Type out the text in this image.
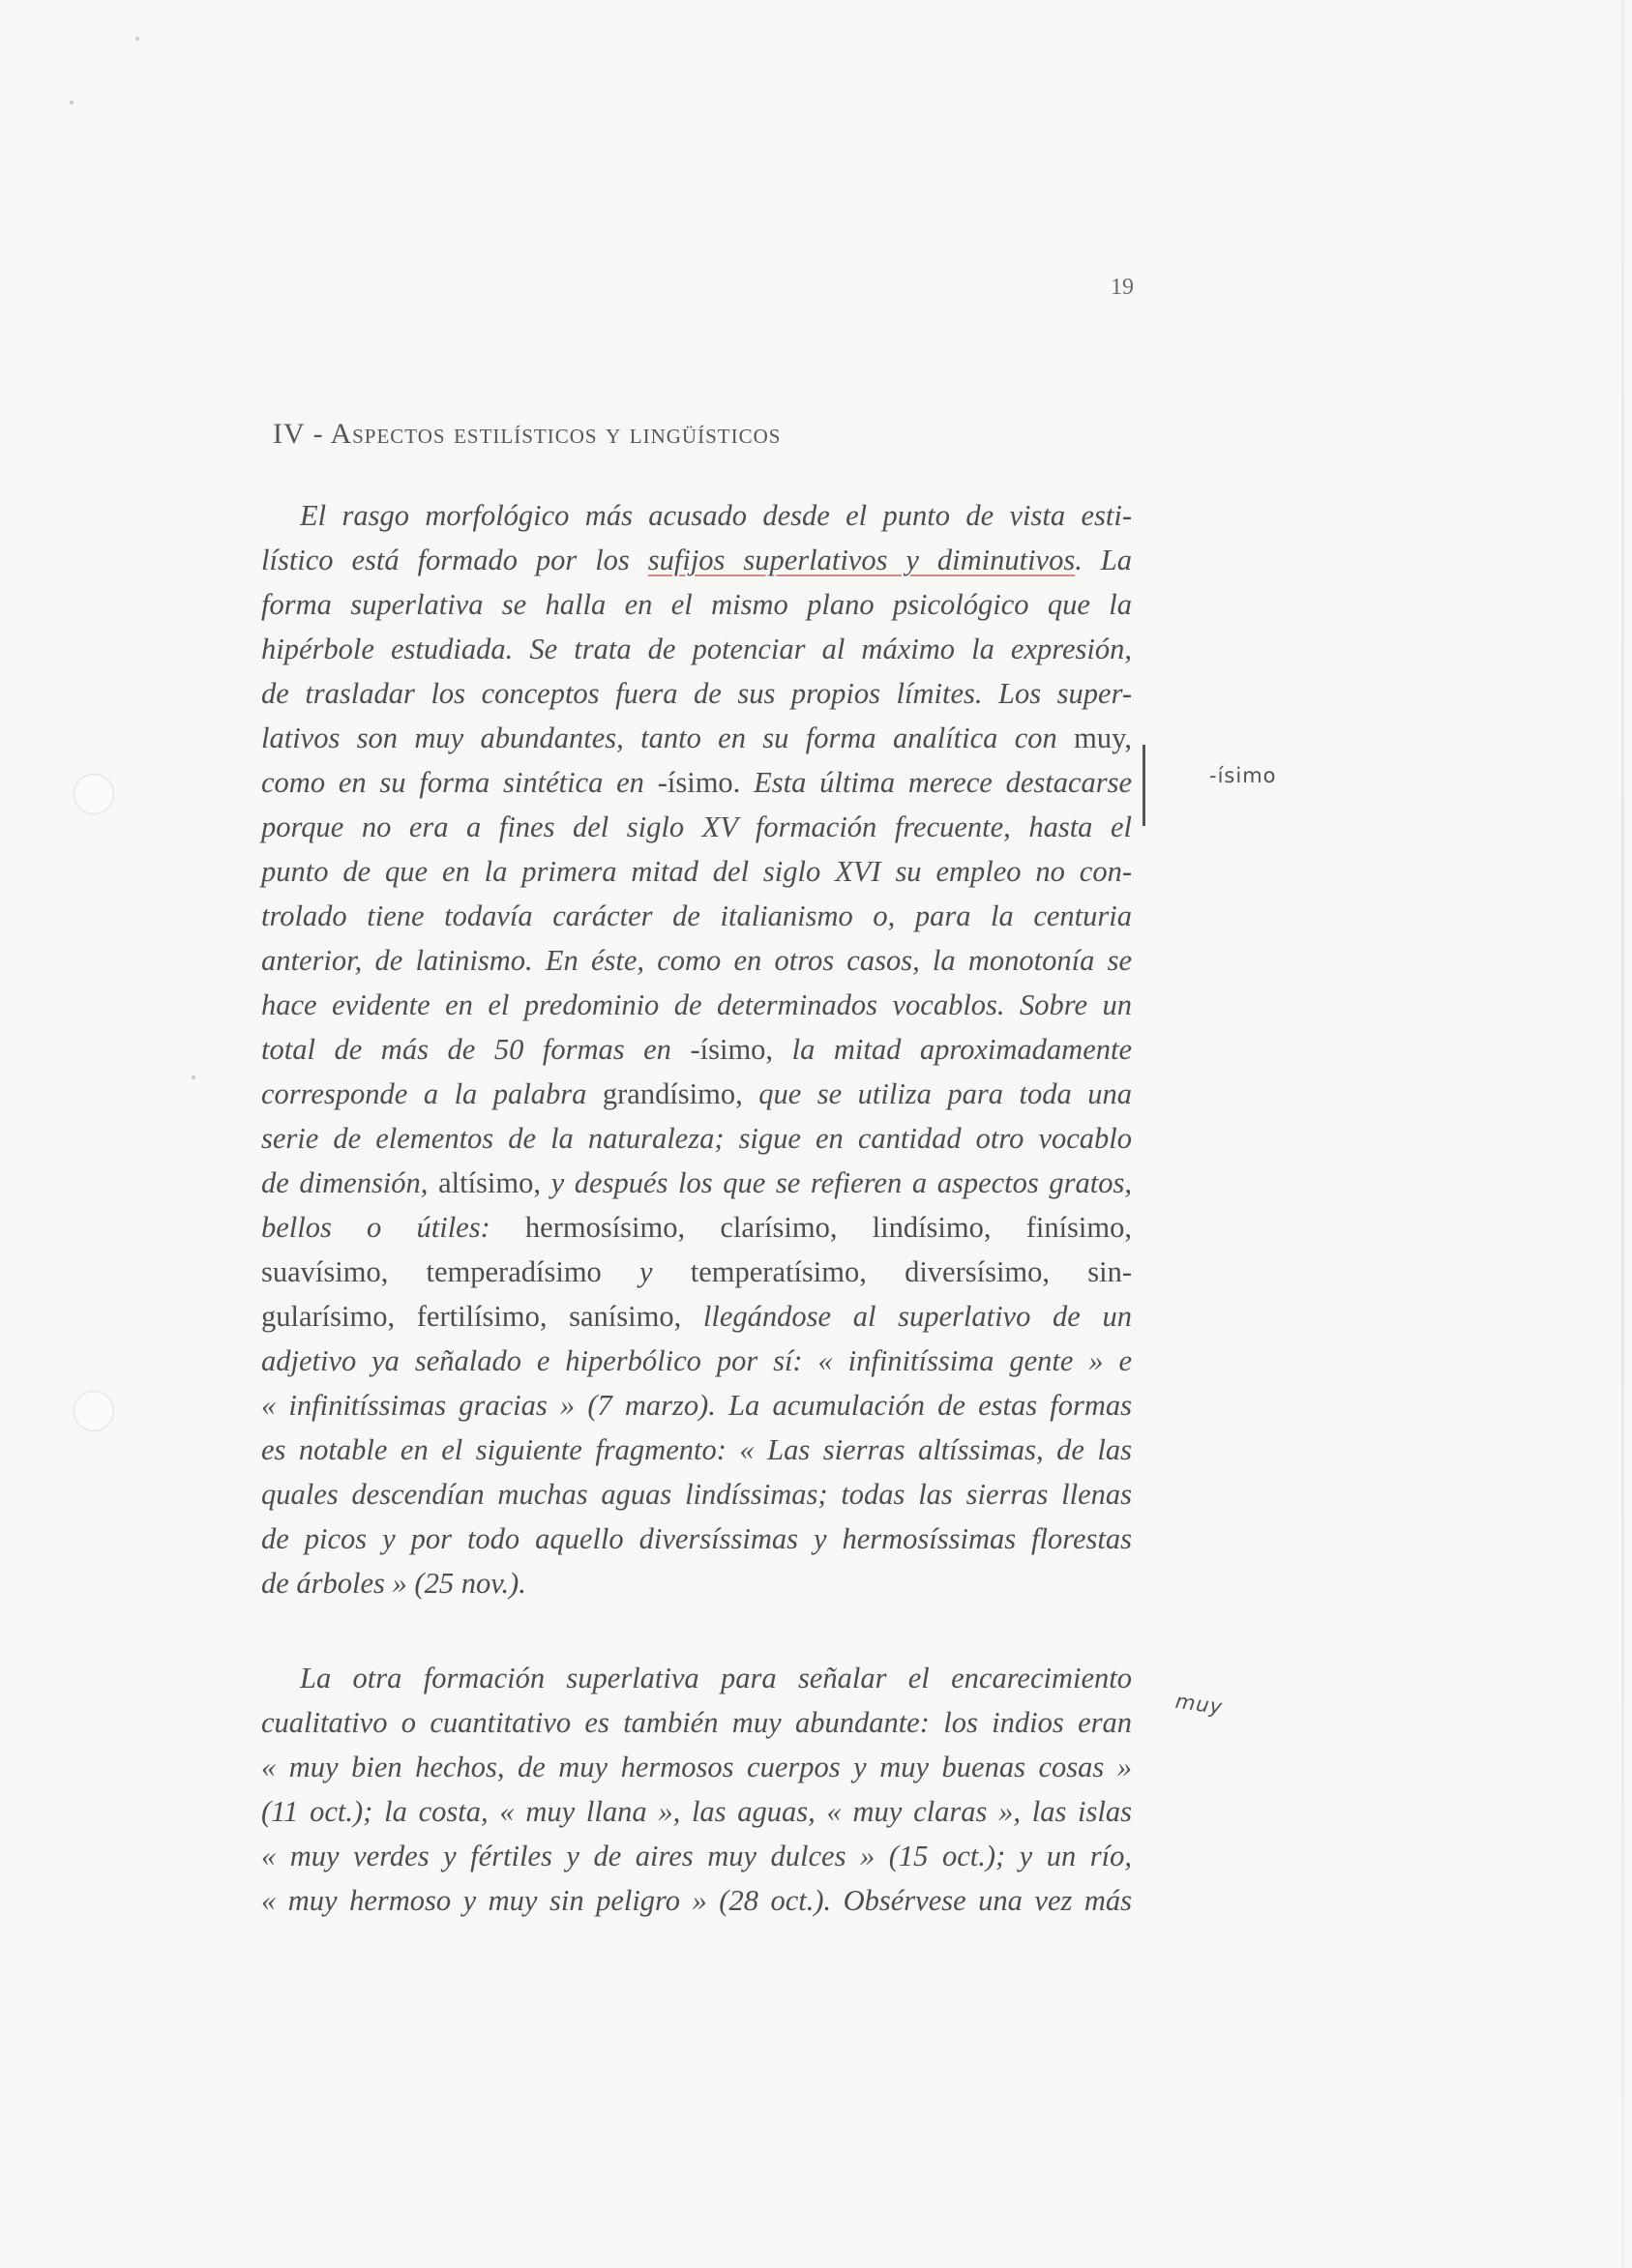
19
IV - Aspectos estilísticos y lingüísticos
El rasgo morfológico más acusado desde el punto de vista esti-
lístico está formado por los sufijos superlativos y diminutivos. La
forma superlativa se halla en el mismo plano psicológico que la
hipérbole estudiada. Se trata de potenciar al máximo la expresión,
de trasladar los conceptos fuera de sus propios límites. Los super-
lativos son muy abundantes, tanto en su forma analítica con muy,
como en su forma sintética en -ísimo. Esta última merece destacarse
porque no era a fines del siglo XV formación frecuente, hasta el
punto de que en la primera mitad del siglo XVI su empleo no con-
trolado tiene todavía carácter de italianismo o, para la centuria
anterior, de latinismo. En éste, como en otros casos, la monotonía se
hace evidente en el predominio de determinados vocablos. Sobre un
total de más de 50 formas en -ísimo, la mitad aproximadamente
corresponde a la palabra grandísimo, que se utiliza para toda una
serie de elementos de la naturaleza; sigue en cantidad otro vocablo
de dimensión, altísimo, y después los que se refieren a aspectos gratos,
bellos o útiles: hermosísimo, clarísimo, lindísimo, finísimo,
suavísimo, temperadísimo y temperatísimo, diversísimo, sin-
gularísimo, fertilísimo, sanísimo, llegándose al superlativo de un
adjetivo ya señalado e hiperbólico por sí: « infinitíssima gente » e
« infinitíssimas gracias » (7 marzo). La acumulación de estas formas
es notable en el siguiente fragmento: « Las sierras altíssimas, de las
quales descendían muchas aguas lindíssimas; todas las sierras llenas
de picos y por todo aquello diversíssimas y hermosíssimas florestas
de árboles » (25 nov.).
La otra formación superlativa para señalar el encarecimiento
cualitativo o cuantitativo es también muy abundante: los indios eran
« muy bien hechos, de muy hermosos cuerpos y muy buenas cosas »
(11 oct.); la costa, « muy llana », las aguas, « muy claras », las islas
« muy verdes y fértiles y de aires muy dulces » (15 oct.); y un río,
« muy hermoso y muy sin peligro » (28 oct.). Obsérvese una vez más
-ísimo
muy
